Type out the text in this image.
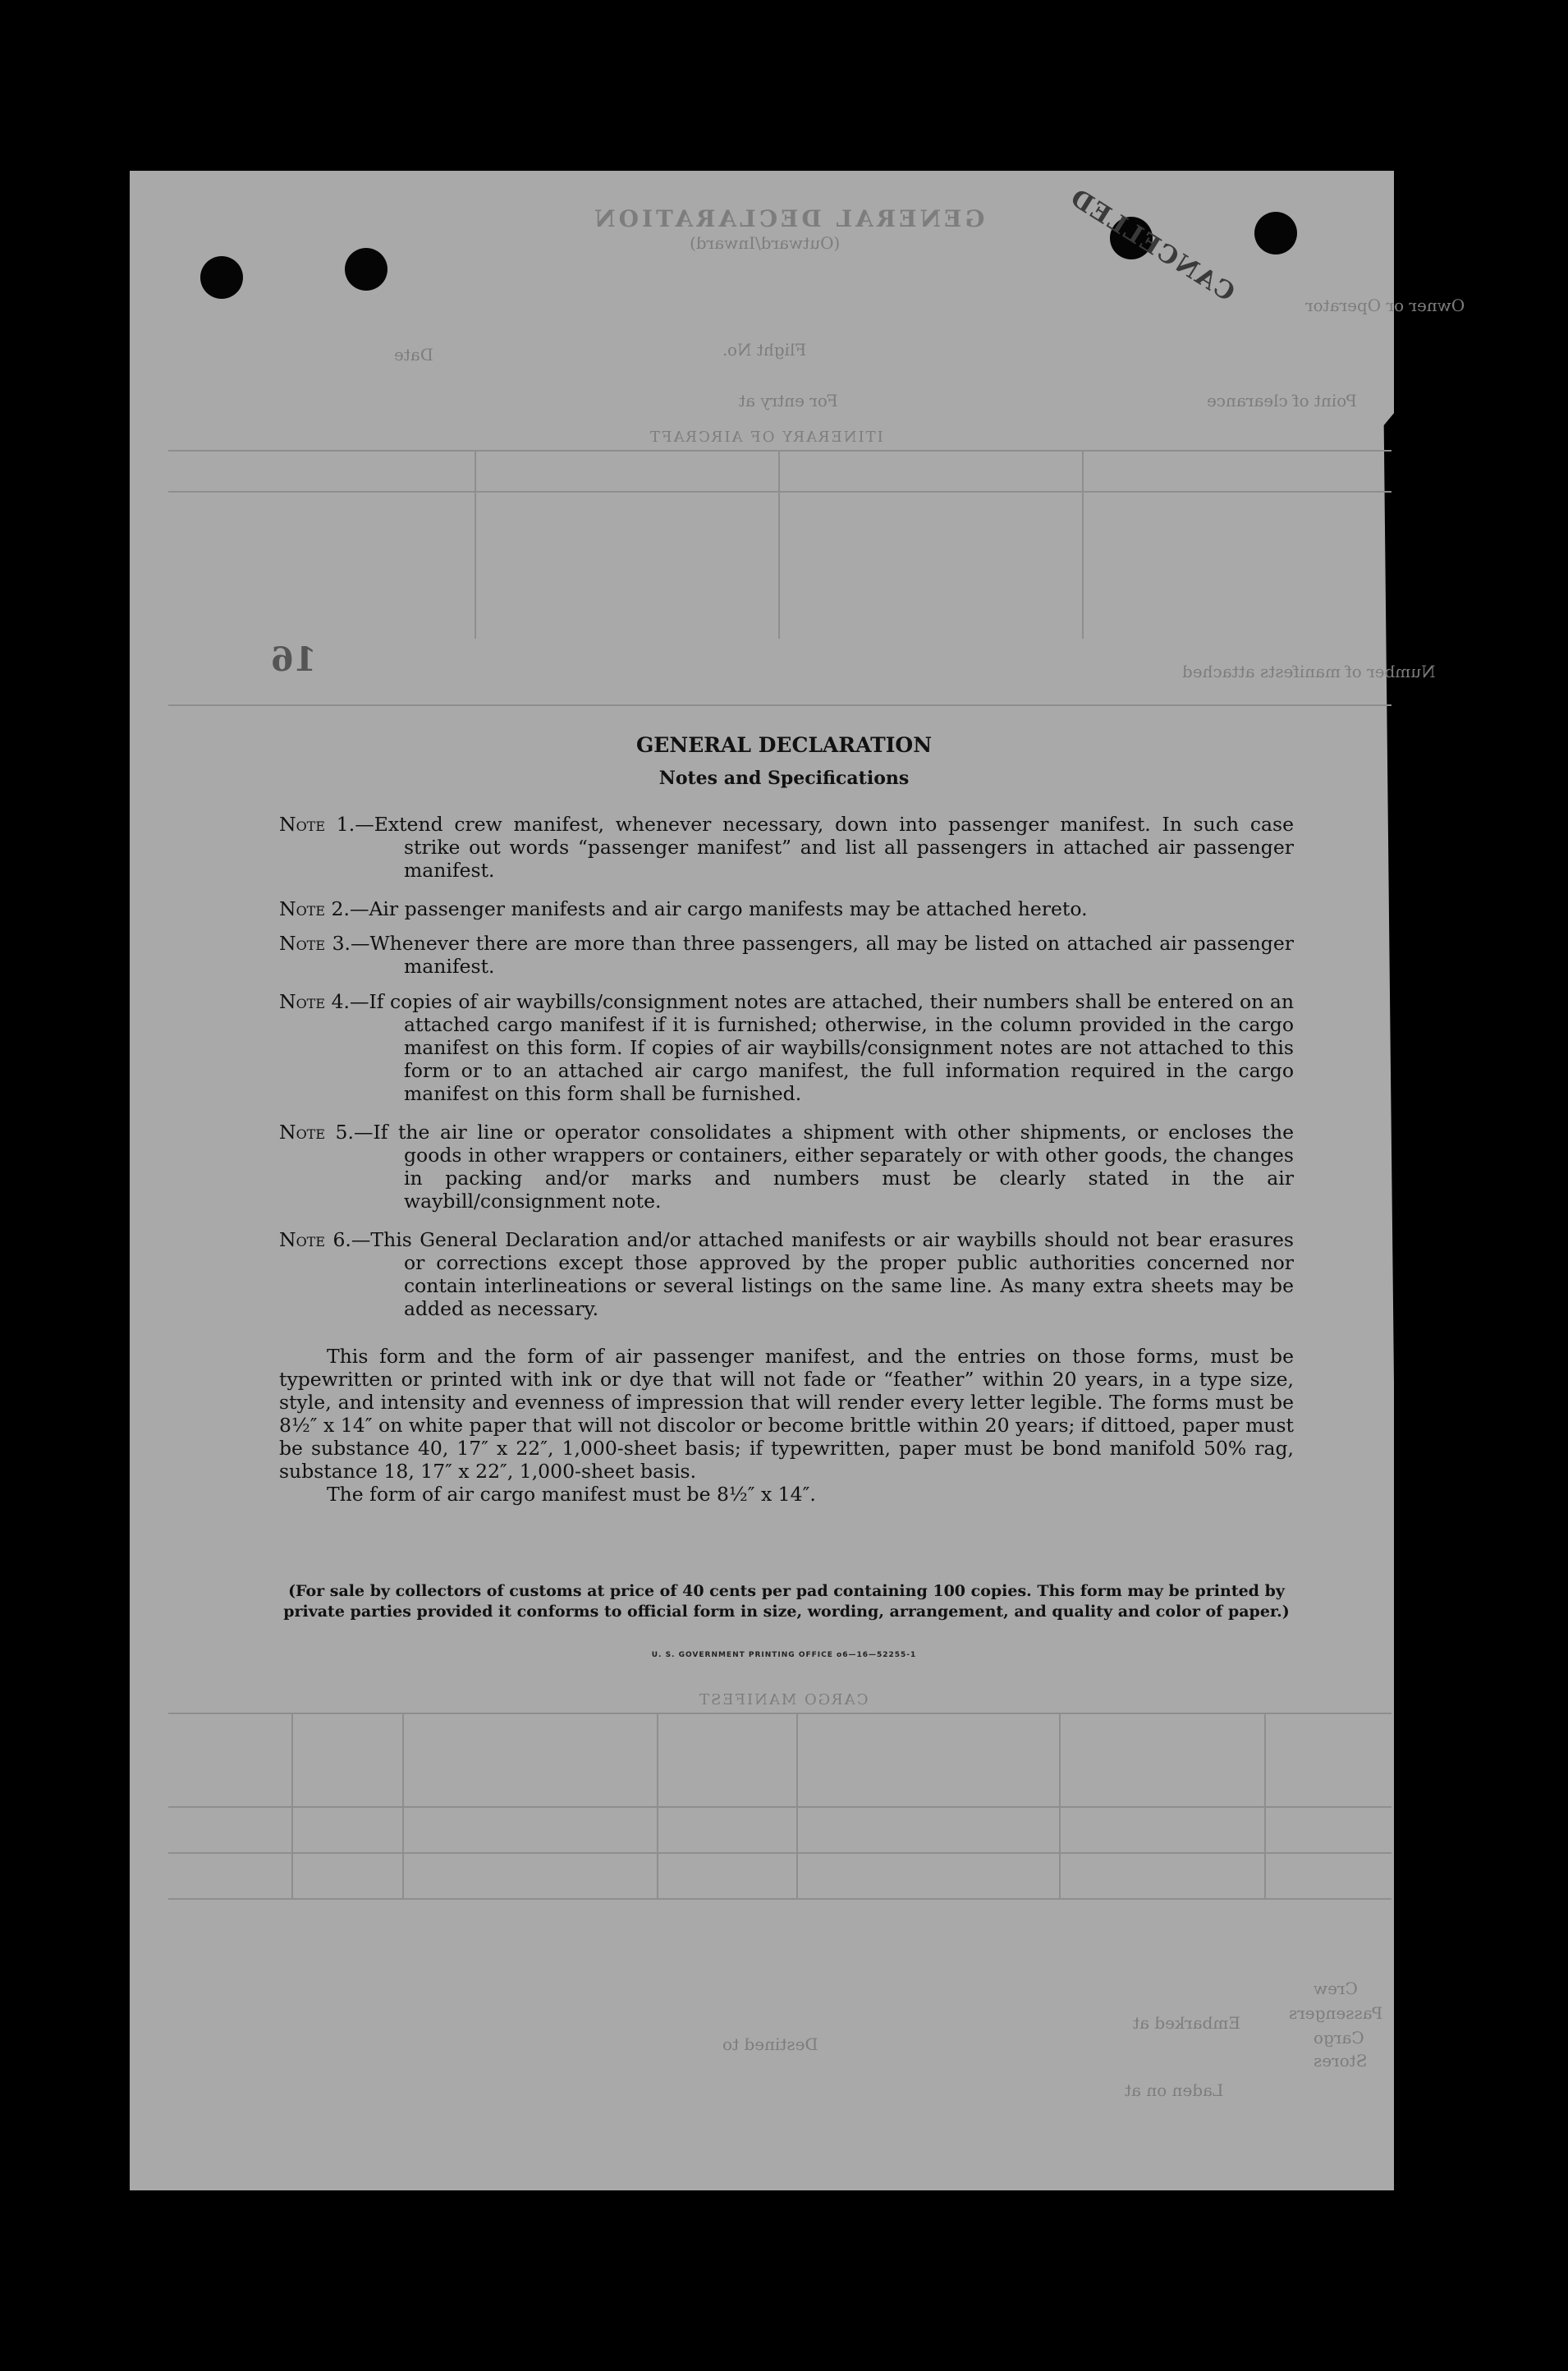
GENERAL DECLARATION
(Outward/Inward)
Owner or Operator
Flight No.
Date
Point of clearance
For entry at
ITINERARY OF AIRCRAFT
16	Number of manifests attached
CARGO MANIFEST
Crew
Passengers
Cargo
Stores
Embarked at
Laden on at
Destined to
CANCELLED
GENERAL DECLARATION
Notes and Specifications
Note 1.—Extend crew manifest, whenever necessary, down into passenger manifest. In such case strike out words “passenger manifest” and list all passengers in attached air passenger manifest.
Note 2.—Air passenger manifests and air cargo manifests may be attached hereto.
Note 3.—Whenever there are more than three passengers, all may be listed on attached air passenger manifest.
Note 4.—If copies of air waybills/consignment notes are attached, their numbers shall be entered on an attached cargo manifest if it is furnished; otherwise, in the column provided in the cargo manifest on this form. If copies of air waybills/consignment notes are not attached to this form or to an attached air cargo manifest, the full information required in the cargo manifest on this form shall be furnished.
Note 5.—If the air line or operator consolidates a shipment with other shipments, or encloses the goods in other wrappers or containers, either separately or with other goods, the changes in packing and/or marks and numbers must be clearly stated in the air waybill/consignment note.
Note 6.—This General Declaration and/or attached manifests or air waybills should not bear erasures or corrections except those approved by the proper public authorities concerned nor contain interlineations or several listings on the same line. As many extra sheets may be added as necessary.

This form and the form of air passenger manifest, and the entries on those forms, must be typewritten or printed with ink or dye that will not fade or “feather” within 20 years, in a type size, style, and intensity and evenness of impression that will render every letter legible. The forms must be 8½″ x 14″ on white paper that will not discolor or become brittle within 20 years; if dittoed, paper must be substance 40, 17″ x 22″, 1,000-sheet basis; if typewritten, paper must be bond manifold 50% rag, substance 18, 17″ x 22″, 1,000-sheet basis.

The form of air cargo manifest must be 8½″ x 14″.

(For sale by collectors of customs at price of 40 cents per pad containing 100 copies. This form may be printed by private parties provided it conforms to official form in size, wording, arrangement, and quality and color of paper.)
U. S. GOVERNMENT PRINTING OFFICE o6—16—52255-1
